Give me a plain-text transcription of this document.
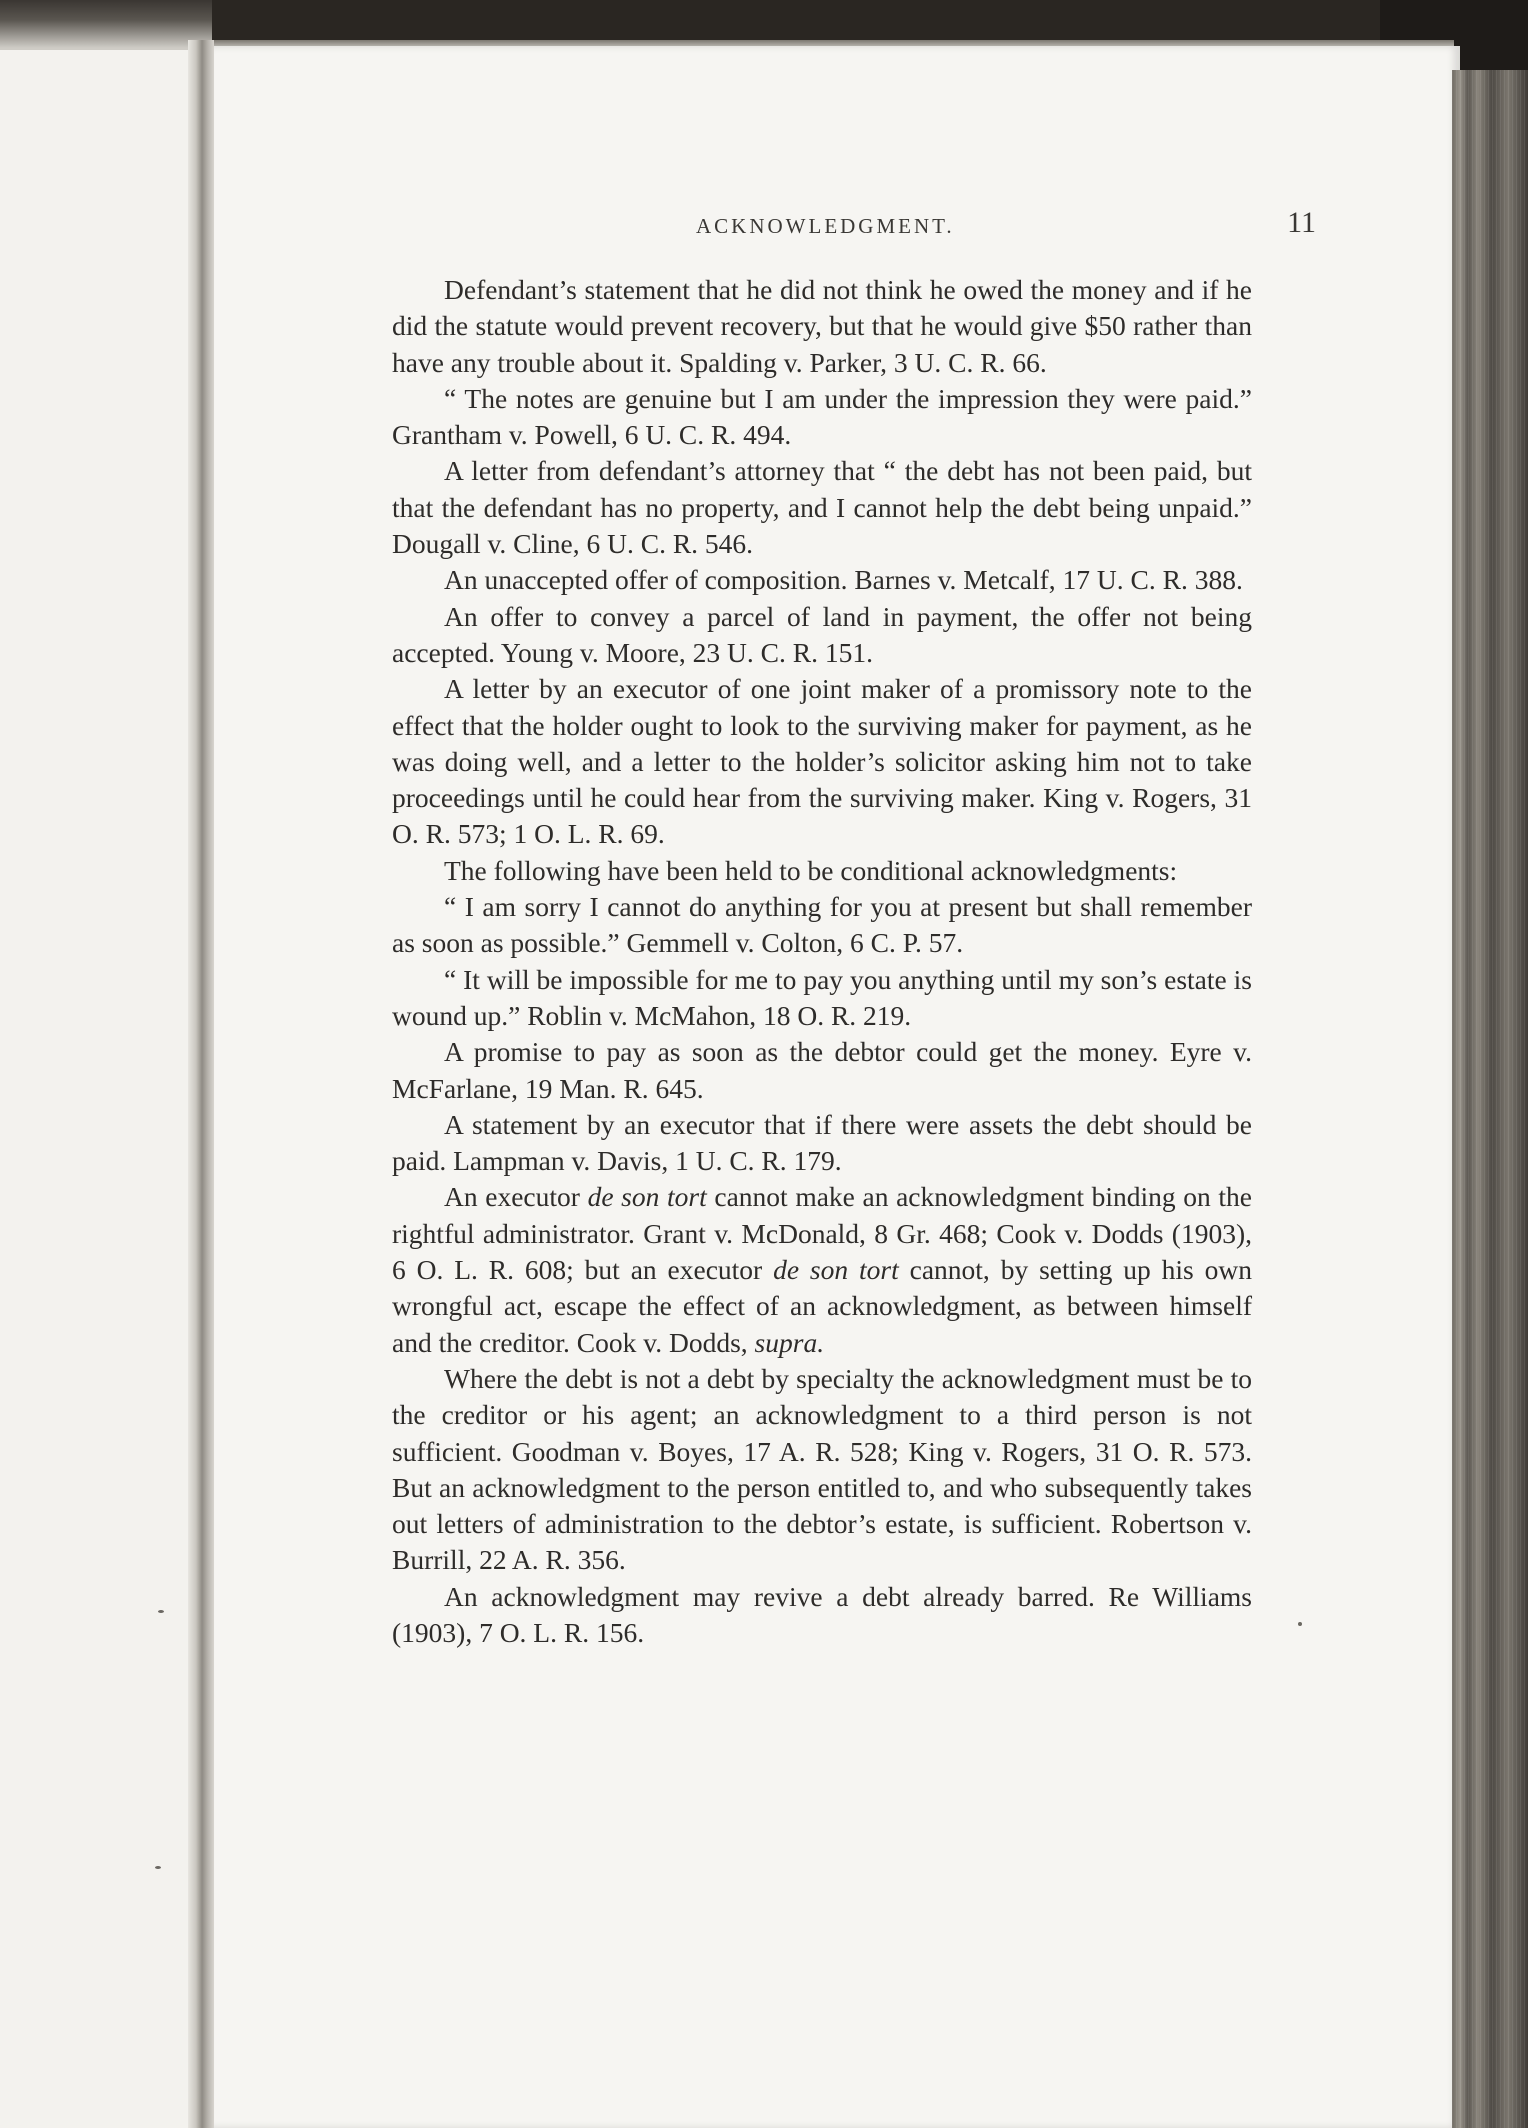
ACKNOWLEDGMENT.	11

Defendant’s statement that he did not think he owed the money and if he did the statute would prevent recovery, but that he would give $50 rather than have any trouble about it. Spalding v. Parker, 3 U. C. R. 66.

“ The notes are genuine but I am under the impression they were paid.” Grantham v. Powell, 6 U. C. R. 494.

A letter from defendant’s attorney that “ the debt has not been paid, but that the defendant has no property, and I cannot help the debt being unpaid.” Dougall v. Cline, 6 U. C. R. 546.

An unaccepted offer of composition. Barnes v. Metcalf, 17 U. C. R. 388.

An offer to convey a parcel of land in payment, the offer not being accepted. Young v. Moore, 23 U. C. R. 151.

A letter by an executor of one joint maker of a promissory note to the effect that the holder ought to look to the surviving maker for payment, as he was doing well, and a letter to the holder’s solicitor asking him not to take proceedings until he could hear from the surviving maker. King v. Rogers, 31 O. R. 573; 1 O. L. R. 69.

The following have been held to be conditional acknowledgments:

“ I am sorry I cannot do anything for you at present but shall remember as soon as possible.” Gemmell v. Colton, 6 C. P. 57.

“ It will be impossible for me to pay you anything until my son’s estate is wound up.” Roblin v. McMahon, 18 O. R. 219.

A promise to pay as soon as the debtor could get the money. Eyre v. McFarlane, 19 Man. R. 645.

A statement by an executor that if there were assets the debt should be paid. Lampman v. Davis, 1 U. C. R. 179.

An executor de son tort cannot make an acknowledgment binding on the rightful administrator. Grant v. McDonald, 8 Gr. 468; Cook v. Dodds (1903), 6 O. L. R. 608; but an executor de son tort cannot, by setting up his own wrongful act, escape the effect of an acknowledgment, as between himself and the creditor. Cook v. Dodds, supra.

Where the debt is not a debt by specialty the acknowledgment must be to the creditor or his agent; an acknowledgment to a third person is not sufficient. Goodman v. Boyes, 17 A. R. 528; King v. Rogers, 31 O. R. 573. But an acknowledgment to the person entitled to, and who subsequently takes out letters of administration to the debtor’s estate, is sufficient. Robertson v. Burrill, 22 A. R. 356.

An acknowledgment may revive a debt already barred. Re Williams (1903), 7 O. L. R. 156.
